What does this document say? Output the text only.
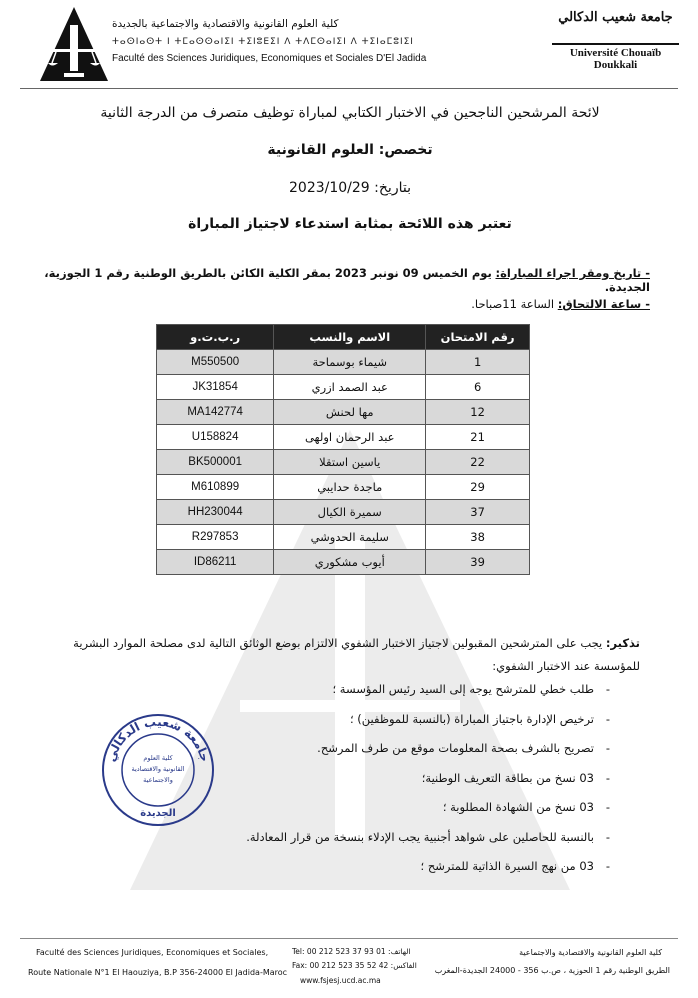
جامعة شعيب الدكالي
Université Chouaïb Doukkali
كلية العلوم القانونية والاقتصادية والاجتماعية بالجديدة
ⵜⴰⵙⵏⴰⵙⵜ ⵏ ⵜⵎⴰⵙⵙⴰⵏⵉⵏ ⵜⵉⵏⵓⴹⵉⵏ ⴷ ⵜⴷⵎⵙⴰⵏⵉⵏ ⴷ ⵜⵉⵏⴰⵎⵓⵏⵉⵏ
Faculté des Sciences Juridiques, Economiques et Sociales D'El Jadida
لائحة المرشحين الناجحين في الاختبار الكتابي لمباراة توظيف متصرف من الدرجة الثانية
تخصص: العلوم القانونية
بتاريخ: 2023/10/29
تعتبر هذه اللائحة بمثابة استدعاء لاجتياز المباراة
- تاريخ ومقر اجراء المباراة: يوم الخميس 09 نونبر 2023 بمقر الكلية الكائن بالطريق الوطنية رقم 1 الجوزية، الجديدة.
- ساعة الالتحاق: الساعة 11صباحا.
رقم الامتحان	الاسم والنسب	ر.ب.ت.و
1	شيماء بوسماحة	M550500
6	عبد الصمد ازري	JK31854
12	مها لحنش	MA142774
21	عبد الرحمان اولهى	U158824
22	ياسين استقلا	BK500001
29	ماجدة حدايبي	M610899
37	سميرة الكيال	HH230044
38	سليمة الحدوشي	R297853
39	أيوب مشكوري	ID86211
تذكير: يجب على المترشحين المقبولين لاجتياز الاختبار الشفوي الالتزام بوضع الوثائق التالية لدى مصلحة الموارد البشرية للمؤسسة عند الاختبار الشفوي:
-
طلب خطي للمترشح يوجه إلى السيد رئيس المؤسسة ؛
-
ترخيص الإدارة باجتياز المباراة (بالنسبة للموظفين) ؛
-
تصريح بالشرف بصحة المعلومات موقع من طرف المرشح.
-
03 نسخ من بطاقة التعريف الوطنية؛
-
03 نسخ من الشهادة المطلوبة ؛
-
بالنسبة للحاصلين على شواهد أجنبية يجب الإدلاء بنسخة من قرار المعادلة.
-
03 من نهج السيرة الذاتية للمترشح ؛
جامعة شعيب الدكالي
كلية العلوم
القانونية والاقتصادية
والاجتماعية
الجديدة
Faculté des Sciences Juridiques, Economiques et Sociales,
Route Nationale N°1 El Haouziya, B.P 356-24000 El Jadida-Maroc
Tel: 00 212 523 37 93 01 :الهاتف
Fax: 00 212 523 35 52 42 :الفاكس
www.fsjesj.ucd.ac.ma
كلية العلوم القانونية والاقتصادية والاجتماعية
الطريق الوطنية رقم 1 الحوزية ، ص.ب 356 - 24000 الجديدة-المغرب
